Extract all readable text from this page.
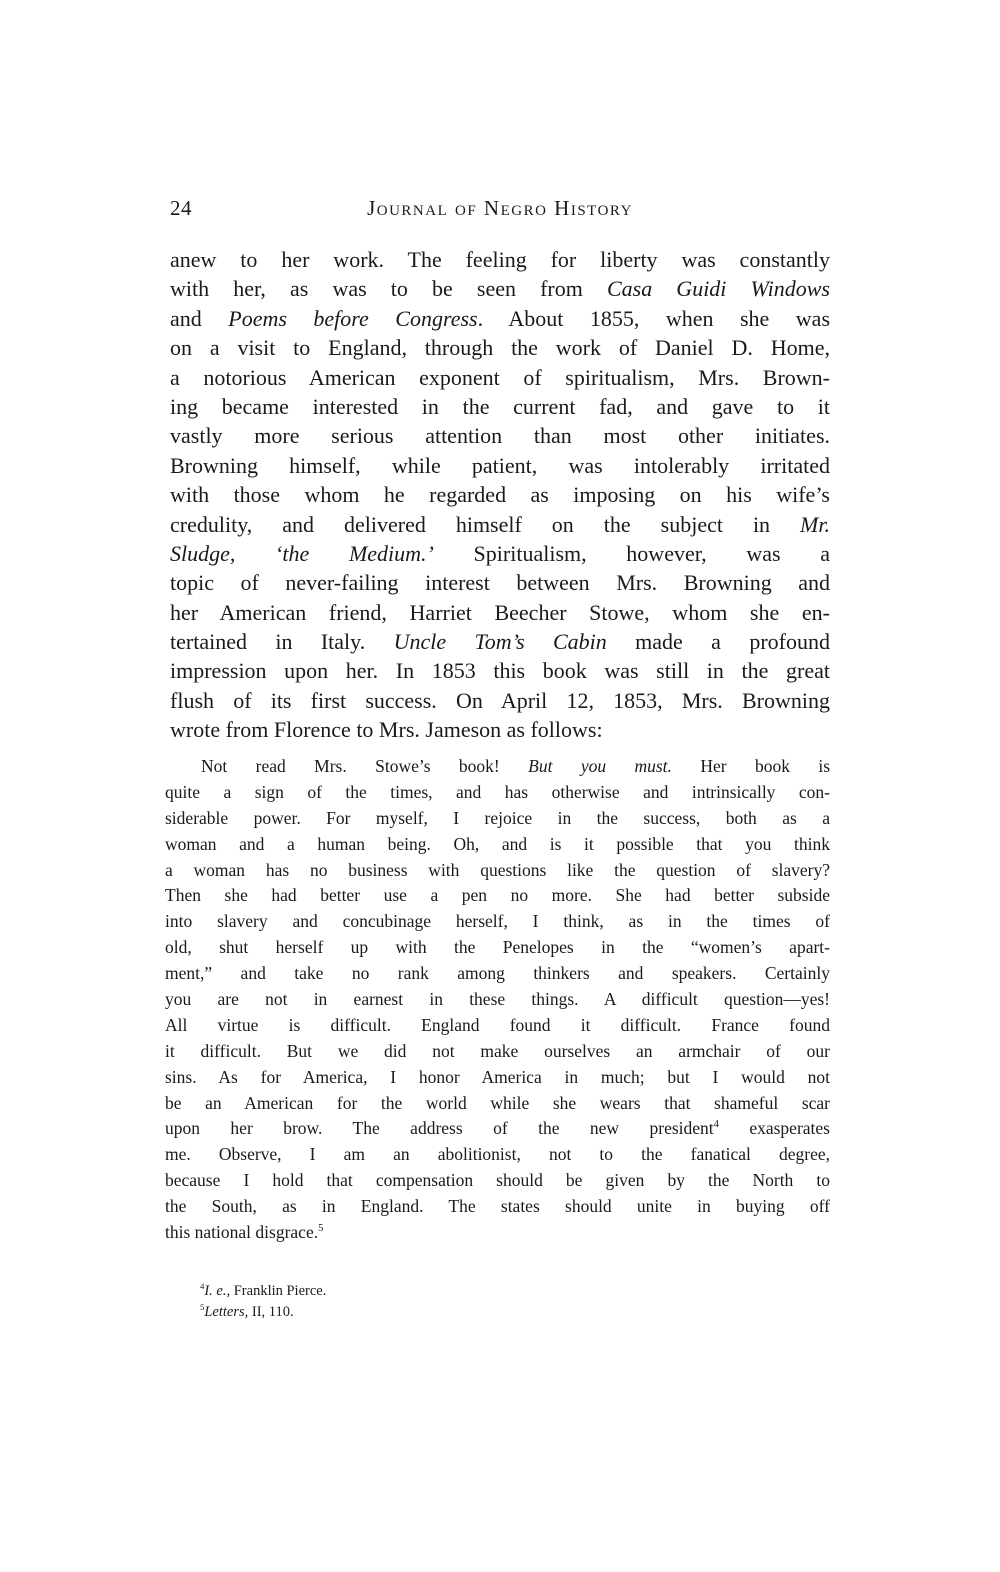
24	Journal of Negro History
anew to her work. The feeling for liberty was constantly
with her, as was to be seen from Casa Guidi Windows
and Poems before Congress. About 1855, when she was
on a visit to England, through the work of Daniel D. Home,
a notorious American exponent of spiritualism, Mrs. Brown-
ing became interested in the current fad, and gave to it
vastly more serious attention than most other initiates.
Browning himself, while patient, was intolerably irritated
with those whom he regarded as imposing on his wife’s
credulity, and delivered himself on the subject in Mr.
Sludge, ‘the Medium.’ Spiritualism, however, was a
topic of never-failing interest between Mrs. Browning and
her American friend, Harriet Beecher Stowe, whom she en-
tertained in Italy. Uncle Tom’s Cabin made a profound
impression upon her. In 1853 this book was still in the great
flush of its first success. On April 12, 1853, Mrs. Browning
wrote from Florence to Mrs. Jameson as follows:
Not read Mrs. Stowe’s book! But you must. Her book is
quite a sign of the times, and has otherwise and intrinsically con-
siderable power. For myself, I rejoice in the success, both as a
woman and a human being. Oh, and is it possible that you think
a woman has no business with questions like the question of slavery?
Then she had better use a pen no more. She had better subside
into slavery and concubinage herself, I think, as in the times of
old, shut herself up with the Penelopes in the “women’s apart-
ment,” and take no rank among thinkers and speakers. Certainly
you are not in earnest in these things. A difficult question—yes!
All virtue is difficult. England found it difficult. France found
it difficult. But we did not make ourselves an armchair of our
sins. As for America, I honor America in much; but I would not
be an American for the world while she wears that shameful scar
upon her brow. The address of the new president$^4$ exasperates
me. Observe, I am an abolitionist, not to the fanatical degree,
because I hold that compensation should be given by the North to
the South, as in England. The states should unite in buying off
this national disgrace.$^5$
$^4$I. e., Franklin Pierce.
$^5$Letters, II, 110.
